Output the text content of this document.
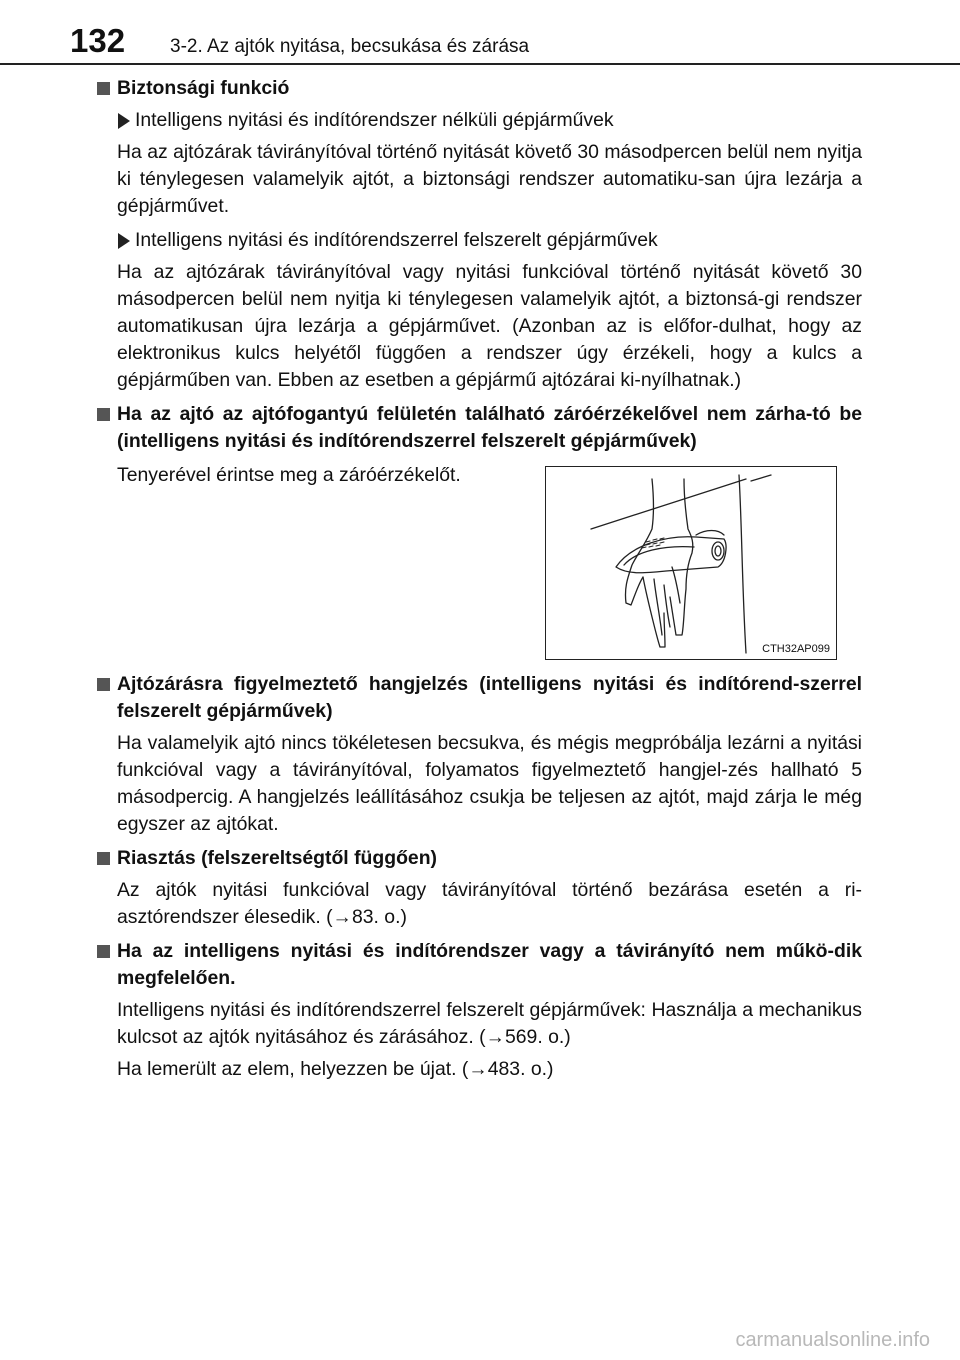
132 3-2. Az ajtók nyitása, becsukása és zárása

Biztonsági funkció

Intelligens nyitási és indítórendszer nélküli gépjárművek

Ha az ajtózárak távirányítóval történő nyitását követő 30 másodpercen belül nem nyitja ki ténylegesen valamelyik ajtót, a biztonsági rendszer automatiku-san újra lezárja a gépjárművet.

Intelligens nyitási és indítórendszerrel felszerelt gépjárművek

Ha az ajtózárak távirányítóval vagy nyitási funkcióval történő nyitását követő 30 másodpercen belül nem nyitja ki ténylegesen valamelyik ajtót, a biztonsá-gi rendszer automatikusan újra lezárja a gépjárművet. (Azonban az is előfor-dulhat, hogy az elektronikus kulcs helyétől függően a rendszer úgy érzékeli, hogy a kulcs a gépjárműben van. Ebben az esetben a gépjármű ajtózárai ki-nyílhatnak.)

Ha az ajtó az ajtófogantyú felületén található záróérzékelővel nem zárha-tó be (intelligens nyitási és indítórendszerrel felszerelt gépjárművek)

Tenyerével érintse meg a záróérzékelőt.
CTH32AP099

Ajtózárásra figyelmeztető hangjelzés (intelligens nyitási és indítórend-szerrel felszerelt gépjárművek)

Ha valamelyik ajtó nincs tökéletesen becsukva, és mégis megpróbálja lezárni a nyitási funkcióval vagy a távirányítóval, folyamatos figyelmeztető hangjel-zés hallható 5 másodpercig. A hangjelzés leállításához csukja be teljesen az ajtót, majd zárja le még egyszer az ajtókat.

Riasztás (felszereltségtől függően)

Az ajtók nyitási funkcióval vagy távirányítóval történő bezárása esetén a ri-asztórendszer élesedik. (→83. o.)

Ha az intelligens nyitási és indítórendszer vagy a távirányító nem műkö-dik megfelelően.

Intelligens nyitási és indítórendszerrel felszerelt gépjárművek: Használja a mechanikus kulcsot az ajtók nyitásához és zárásához. (→569. o.)

Ha lemerült az elem, helyezzen be újat. (→483. o.)

carmanualsonline.info
